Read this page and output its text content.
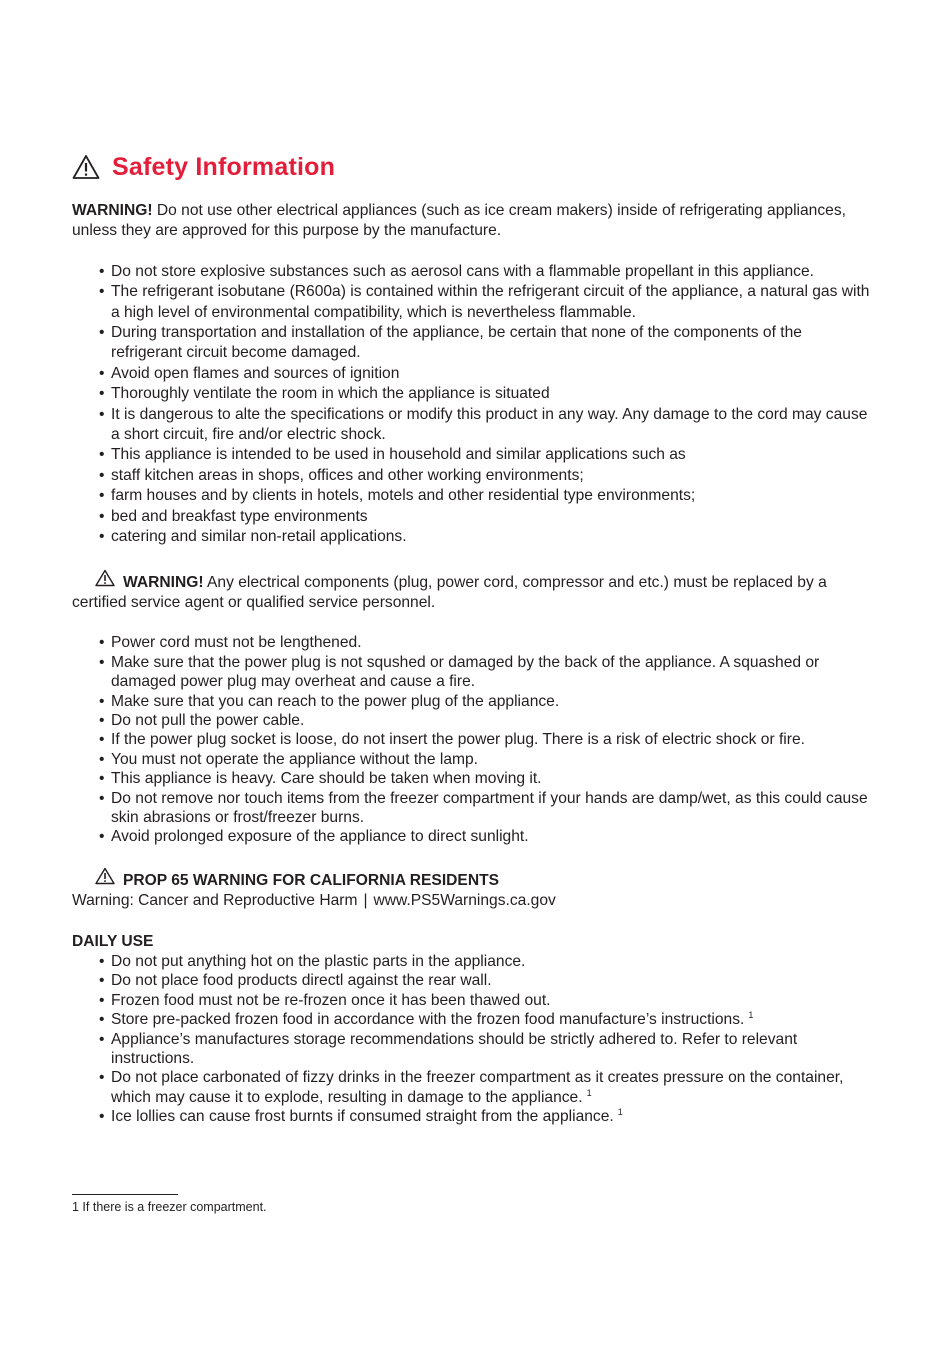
Safety Information

WARNING! Do not use other electrical appliances (such as ice cream makers) inside of refrigerating appliances, unless they are approved for this purpose by the manufacture.

• Do not store explosive substances such as aerosol cans with a flammable propellant in this appliance.
• The refrigerant isobutane (R600a) is contained within the refrigerant circuit of the appliance, a natural gas with a high level of environmental compatibility, which is nevertheless flammable.
• During transportation and installation of the appliance, be certain that none of the components of the refrigerant circuit become damaged.
• Avoid open flames and sources of ignition
• Thoroughly ventilate the room in which the appliance is situated
• It is dangerous to alte the specifications or modify this product in any way. Any damage to the cord may cause a short circuit, fire and/or electric shock.
• This appliance is intended to be used in household and similar applications such as
• staff kitchen areas in shops, offices and other working environments;
• farm houses and by clients in hotels, motels and other residential type environments;
• bed and breakfast type environments
• catering and similar non-retail applications.

WARNING! Any electrical components (plug, power cord, compressor and etc.) must be replaced by a certified service agent or qualified service personnel.

• Power cord must not be lengthened.
• Make sure that the power plug is not squshed or damaged by the back of the appliance. A squashed or damaged power plug may overheat and cause a fire.
• Make sure that you can reach to the power plug of the appliance.
• Do not pull the power cable.
• If the power plug socket is loose, do not insert the power plug. There is a risk of electric shock or fire.
• You must not operate the appliance without the lamp.
• This appliance is heavy. Care should be taken when moving it.
• Do not remove nor touch items from the freezer compartment if your hands are damp/wet, as this could cause skin abrasions or frost/freezer burns.
• Avoid prolonged exposure of the appliance to direct sunlight.

PROP 65 WARNING FOR CALIFORNIA RESIDENTS

Warning: Cancer and Reproductive Harm | www.PS5Warnings.ca.gov

DAILY USE

• Do not put anything hot on the plastic parts in the appliance.
• Do not place food products directl against the rear wall.
• Frozen food must not be re-frozen once it has been thawed out.
• Store pre-packed frozen food in accordance with the frozen food manufacture’s instructions. $^1$
• Appliance’s manufactures storage recommendations should be strictly adhered to. Refer to relevant instructions.
• Do not place carbonated of fizzy drinks in the freezer compartment as it creates pressure on the container, which may cause it to explode, resulting in damage to the appliance. $^1$
• Ice lollies can cause frost burnts if consumed straight from the appliance. $^1$
1 If there is a freezer compartment.
